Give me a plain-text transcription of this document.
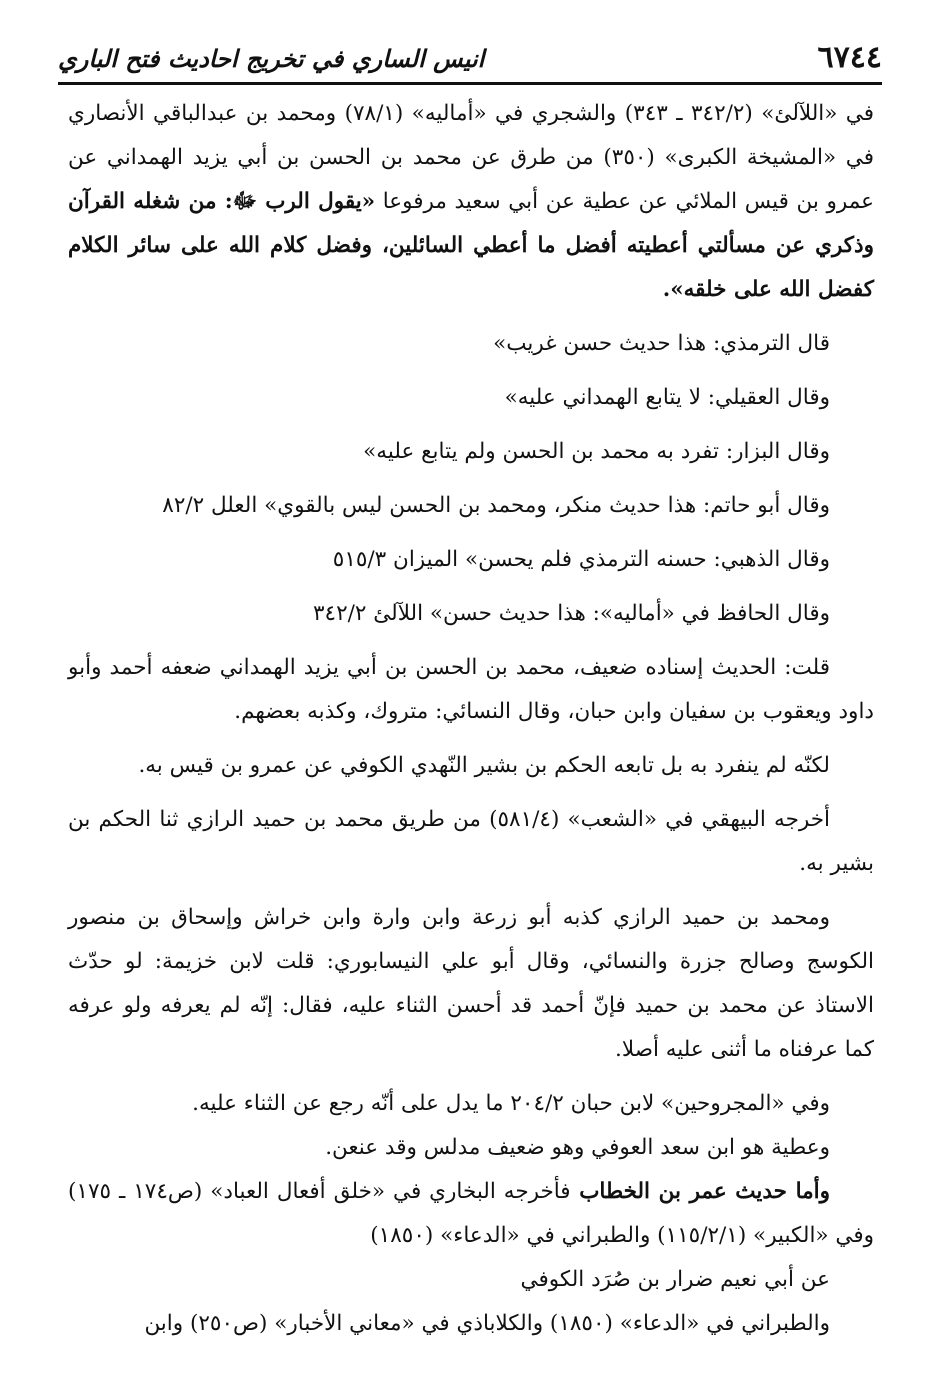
٦٧٤٤
انيس الساري في تخريج احاديث فتح الباري

في «اللآلئ» (٣٤٢/٢ ـ ٣٤٣) والشجري في «أماليه» (٧٨/١) ومحمد بن عبدالباقي الأنصاري في «المشيخة الكبرى» (٣٥٠) من طرق عن محمد بن الحسن بن أبي يزيد الهمداني عن عمرو بن قيس الملائي عن عطية عن أبي سعيد مرفوعا «يقول الرب ﷻ: من شغله القرآن وذكري عن مسألتي أعطيته أفضل ما أعطي السائلين، وفضل كلام الله على سائر الكلام كفضل الله على خلقه».

قال الترمذي: هذا حديث حسن غريب»

وقال العقيلي: لا يتابع الهمداني عليه»

وقال البزار: تفرد به محمد بن الحسن ولم يتابع عليه»

وقال أبو حاتم: هذا حديث منكر، ومحمد بن الحسن ليس بالقوي» العلل ٨٢/٢

وقال الذهبي: حسنه الترمذي فلم يحسن» الميزان ٥١٥/٣

وقال الحافظ في «أماليه»: هذا حديث حسن» اللآلئ ٣٤٢/٢

قلت: الحديث إسناده ضعيف، محمد بن الحسن بن أبي يزيد الهمداني ضعفه أحمد وأبو داود ويعقوب بن سفيان وابن حبان، وقال النسائي: متروك، وكذبه بعضهم.

لكنّه لم ينفرد به بل تابعه الحكم بن بشير النّهدي الكوفي عن عمرو بن قيس به.

أخرجه البيهقي في «الشعب» (٥٨١/٤) من طريق محمد بن حميد الرازي ثنا الحكم بن بشير به.

ومحمد بن حميد الرازي كذبه أبو زرعة وابن وارة وابن خراش وإسحاق بن منصور الكوسج وصالح جزرة والنسائي، وقال أبو علي النيسابوري: قلت لابن خزيمة: لو حدّث الاستاذ عن محمد بن حميد فإنّ أحمد قد أحسن الثناء عليه، فقال: إنّه لم يعرفه ولو عرفه كما عرفناه ما أثنى عليه أصلا.

وفي «المجروحين» لابن حبان ٢٠٤/٢ ما يدل على أنّه رجع عن الثناء عليه.

وعطية هو ابن سعد العوفي وهو ضعيف مدلس وقد عنعن.

وأما حديث عمر بن الخطاب فأخرجه البخاري في «خلق أفعال العباد» (ص١٧٤ ـ ١٧٥) وفي «الكبير» (١١٥/٢/١) والطبراني في «الدعاء» (١٨٥٠)

عن أبي نعيم ضرار بن صُرَد الكوفي

والطبراني في «الدعاء» (١٨٥٠) والكلاباذي في «معاني الأخبار» (ص٢٥٠) وابن
